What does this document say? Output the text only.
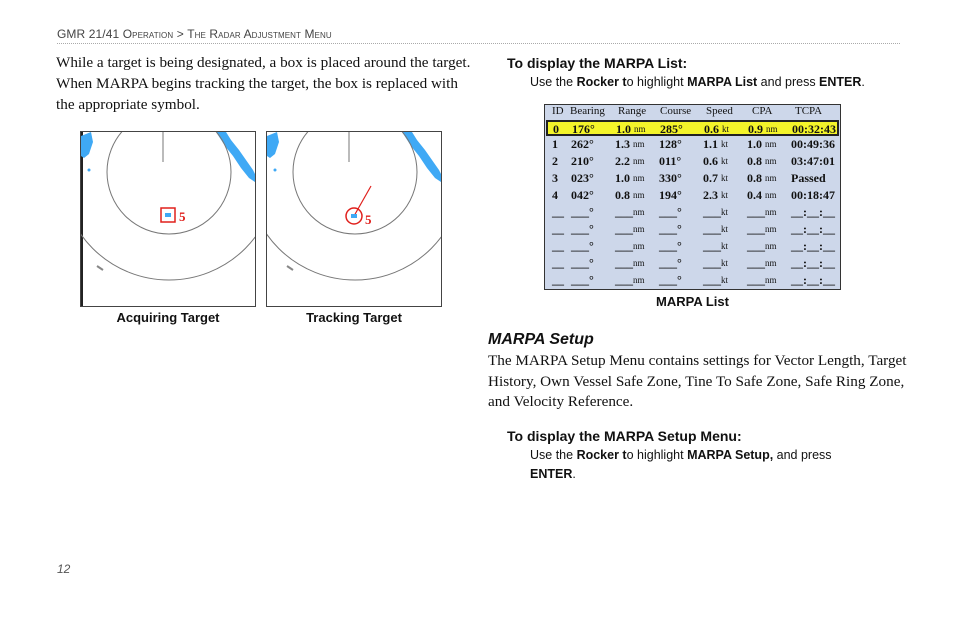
GMR 21/41 Operation > The Radar Adjustment Menu
While a target is being designated, a box is placed around the target. When MARPA begins tracking the target, the box is replaced with the appropriate symbol.
5	5
Acquiring Target	Tracking Target
To display the MARPA List:
Use the Rocker to highlight MARPA List and press ENTER.
ID Bearing Range Course Speed CPA TCPA
0 176° 1.0 nm 285° 0.6 kt 0.9 nm 00:32:43
1 262° 1.3 nm 128° 1.1 kt 1.0 nm 00:49:36
2 210° 2.2 nm 011° 0.6 kt 0.8 nm 03:47:01
3 023° 1.0 nm 330° 0.7 kt 0.8 nm Passed
4 042° 0.8 nm 194° 2.3 kt 0.4 nm 00:18:47
__ ___° ___ nm ___° ___ kt ___ nm __:__:__
__ ___° ___ nm ___° ___ kt ___ nm __:__:__
__ ___° ___ nm ___° ___ kt ___ nm __:__:__
__ ___° ___ nm ___° ___ kt ___ nm __:__:__
__ ___° ___ nm ___° ___ kt ___ nm __:__:__
MARPA List
MARPA Setup
The MARPA Setup Menu contains settings for Vector Length, Target History, Own Vessel Safe Zone, Tine To Safe Zone, Safe Ring Zone, and Velocity Reference.
To display the MARPA Setup Menu:
Use the Rocker to highlight MARPA Setup, and press
ENTER.
12
